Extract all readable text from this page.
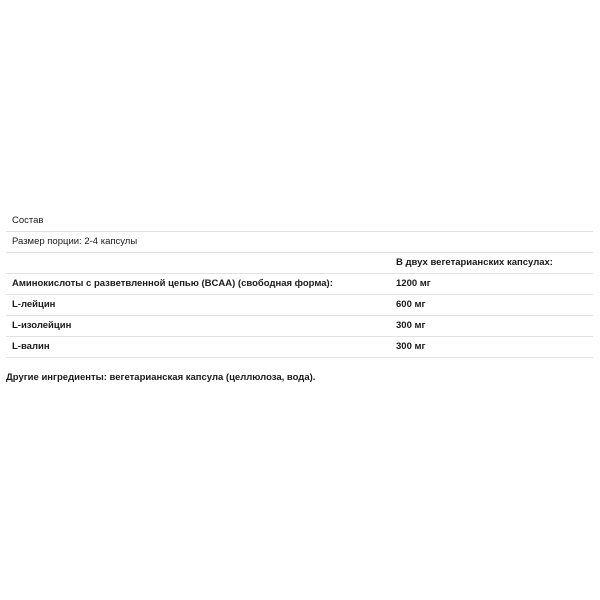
Состав	
Размер порции: 2-4 капсулы	
	В двух вегетарианских капсулах:
Аминокислоты с разветвленной цепью (BCAA) (свободная форма):	1200 мг
L-лейцин	600 мг
L-изолейцин	300 мг
L-валин	300 мг
Другие ингредиенты: вегетарианская капсула (целлюлоза, вода).
